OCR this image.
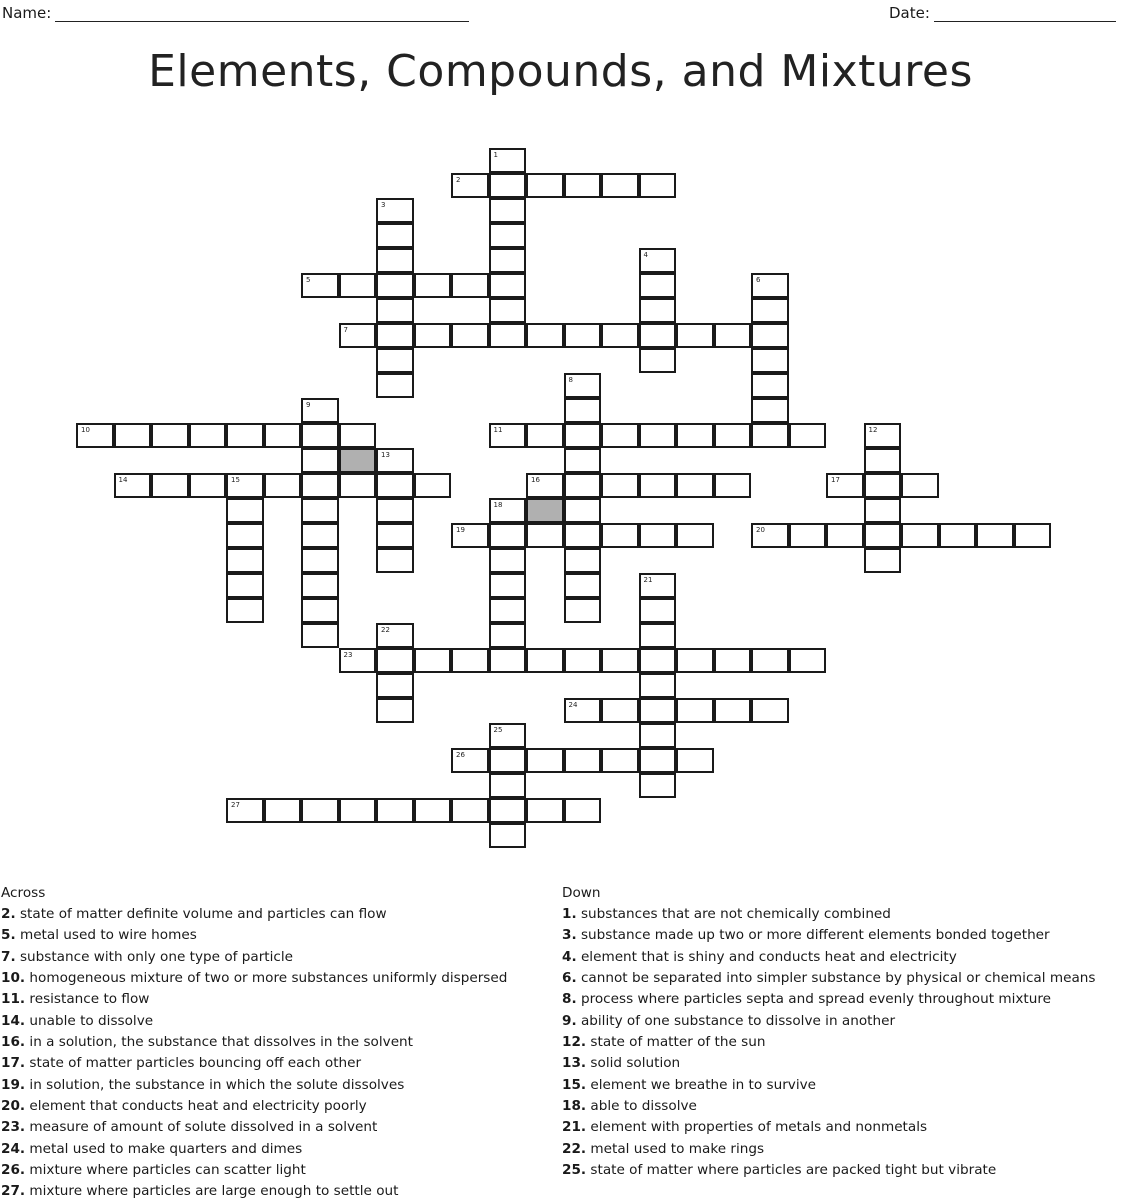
Name:	Date:
Elements, Compounds, and Mixtures
1
2
3
4
5	6
7
8
9
10	11	12
13
14	15	16	17
18
19	20
21
22
23
24
25
26
27
Across
2. state of matter definite volume and particles can flow
5. metal used to wire homes
7. substance with only one type of particle
10. homogeneous mixture of two or more substances uniformly dispersed
11. resistance to flow
14. unable to dissolve
16. in a solution, the substance that dissolves in the solvent
17. state of matter particles bouncing off each other
19. in solution, the substance in which the solute dissolves
20. element that conducts heat and electricity poorly
23. measure of amount of solute dissolved in a solvent
24. metal used to make quarters and dimes
26. mixture where particles can scatter light
27. mixture where particles are large enough to settle out
Down
1. substances that are not chemically combined
3. substance made up two or more different elements bonded together
4. element that is shiny and conducts heat and electricity
6. cannot be separated into simpler substance by physical or chemical means
8. process where particles septa and spread evenly throughout mixture
9. ability of one substance to dissolve in another
12. state of matter of the sun
13. solid solution
15. element we breathe in to survive
18. able to dissolve
21. element with properties of metals and nonmetals
22. metal used to make rings
25. state of matter where particles are packed tight but vibrate
